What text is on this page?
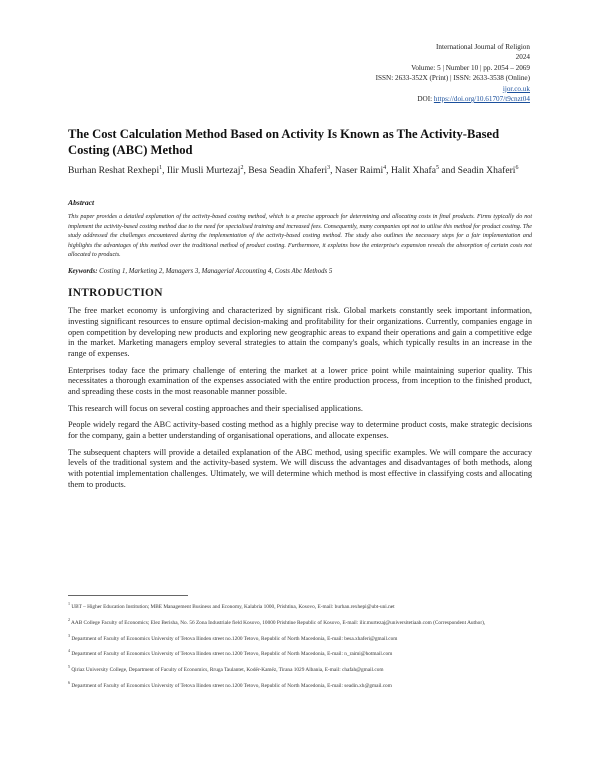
International Journal of Religion
2024
Volume: 5 | Number 10 | pp. 2054 – 2069
ISSN: 2633-352X (Print) | ISSN: 2633-3538 (Online)
ijor.co.uk
DOI: https://doi.org/10.61707/t9cnzt04
The Cost Calculation Method Based on Activity Is Known as The Activity-Based Costing (ABC) Method
Burhan Reshat Rexhepi$^1$, Ilir Musli Murtezaj$^2$, Besa Seadin Xhaferi$^3$, Naser Raimi$^4$, Halit Xhafa$^5$ and Seadin Xhaferi$^6$
Abstract
This paper provides a detailed explanation of the activity-based costing method, which is a precise approach for determining and allocating costs in final products. Firms typically do not implement the activity-based costing method due to the need for specialised training and increased fees. Consequently, many companies opt not to utilise this method for product costing. The study addressed the challenges encountered during the implementation of the activity-based costing method. The study also outlines the necessary steps for a fair implementation and highlights the advantages of this method over the traditional method of product costing. Furthermore, it explains how the enterprise's expansion reveals the absorption of certain costs not allocated to products.
Keywords: Costing 1, Marketing 2, Managers 3, Managerial Accounting 4, Costs Abc Methods 5
INTRODUCTION

The free market economy is unforgiving and characterized by significant risk. Global markets constantly seek important information, investing significant resources to ensure optimal decision-making and profitability for their organizations. Currently, companies engage in open competition by developing new products and exploring new geographic areas to expand their operations and gain a competitive edge in the market. Marketing managers employ several strategies to attain the company's goals, which typically results in an increase in the range of expenses.

Enterprises today face the primary challenge of entering the market at a lower price point while maintaining superior quality. This necessitates a thorough examination of the expenses associated with the entire production process, from inception to the finished product, and spreading these costs in the most reasonable manner possible.

This research will focus on several costing approaches and their specialised applications.

People widely regard the ABC activity-based costing method as a highly precise way to determine product costs, make strategic decisions for the company, gain a better understanding of organisational operations, and allocate expenses.

The subsequent chapters will provide a detailed explanation of the ABC method, using specific examples. We will compare the accuracy levels of the traditional system and the activity-based system. We will discuss the advantages and disadvantages of both methods, along with potential implementation challenges. Ultimately, we will determine which method is most effective in classifying costs and allocating them to products.

$^1$ UBT – Higher Education Institution; MBE Management Business and Economy, Kalabria 1000, Prishtina, Kosovo, E-mail: burhan.rexhepi@ubt-uni.net

$^2$ AAB College Faculty of Economics; Elez Berisha, No. 56 Zona Industriale field Kosovo, 10000 Prishtine Republic of Kosovo, E-mail: ilir.murtezaj@universitetiaab.com (Correspondent Author),

$^3$ Department of Faculty of Economics University of Tetova Ilinden street no.1200 Tetovo, Republic of North Macedonia, E-mail: besa.xhaferi@gmail.com

$^4$ Department of Faculty of Economics University of Tetova Ilinden street no.1200 Tetovo, Republic of North Macedonia, E-mail: n_raimi@hotmail.com

$^5$ Qiriaz University College, Department of Faculty of Economics, Rruga Taulantet, Kodër-Kamëz, Tirana 1029 Albania, E-mail: chafah@gmail.com

$^6$ Department of Faculty of Economics University of Tetova Ilinden street no.1200 Tetovo, Republic of North Macedonia, E-mail: seadin.xh@gmail.com
